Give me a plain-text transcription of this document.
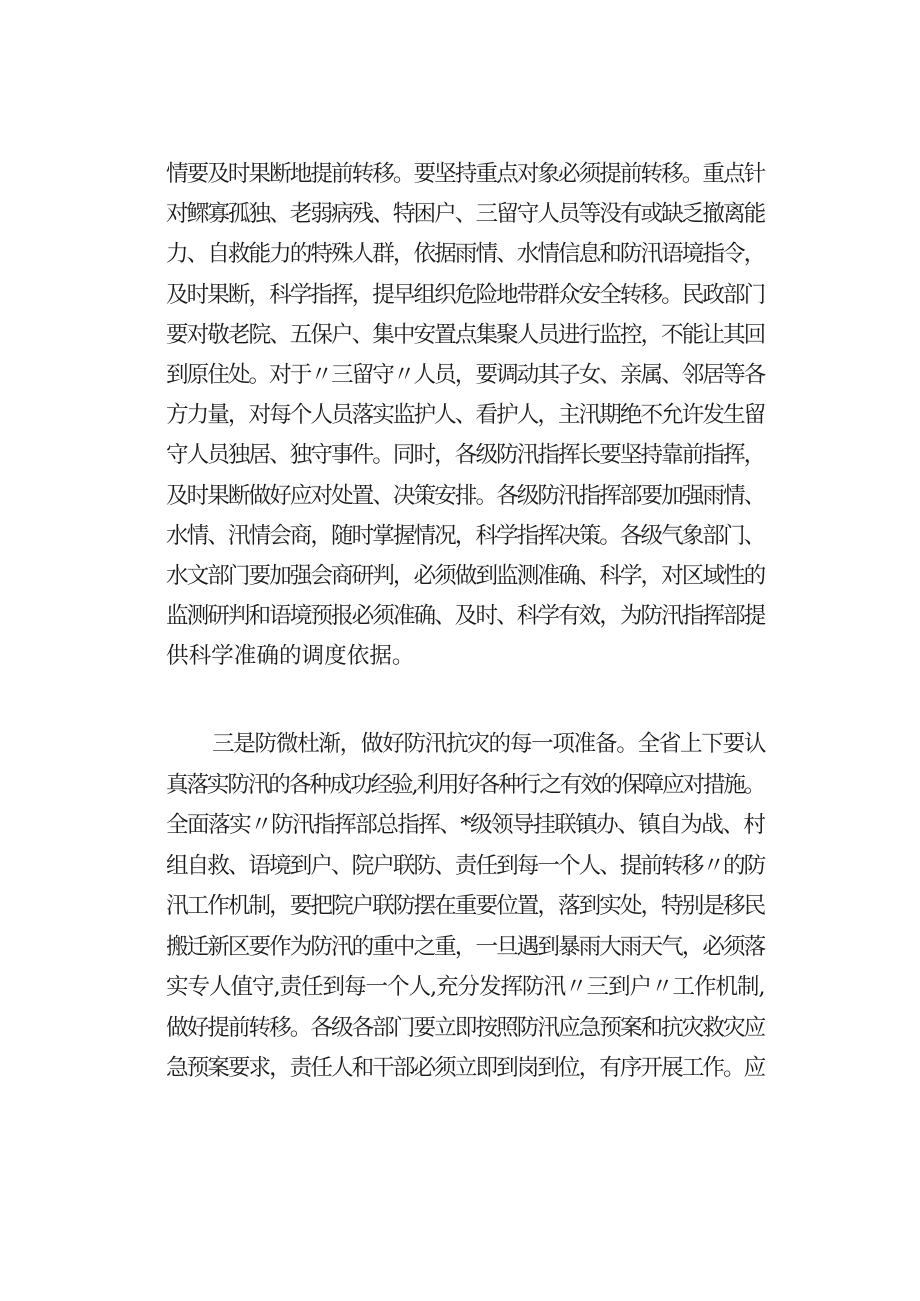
情要及时果断地提前转移。要坚持重点对象必须提前转移。重点针
对鳏寡孤独、老弱病残、特困户、三留守人员等没有或缺乏撤离能
力、自救能力的特殊人群，依据雨情、水情信息和防汛语境指令，
及时果断，科学指挥，提早组织危险地带群众安全转移。民政部门
要对敬老院、五保户、集中安置点集聚人员进行监控，不能让其回
到原住处。对于〃三留守〃人员，要调动其子女、亲属、邻居等各
方力量，对每个人员落实监护人、看护人，主汛期绝不允许发生留
守人员独居、独守事件。同时，各级防汛指挥长要坚持靠前指挥，
及时果断做好应对处置、决策安排。各级防汛指挥部要加强雨情、
水情、汛情会商，随时掌握情况，科学指挥决策。各级气象部门、
水文部门要加强会商研判，必须做到监测准确、科学，对区域性的
监测研判和语境预报必须准确、及时、科学有效，为防汛指挥部提
供科学准确的调度依据。
三是防微杜渐，做好防汛抗灾的每一项准备。全省上下要认
真落实防汛的各种成功经验,利用好各种行之有效的保障应对措施。
全面落实〃防汛指挥部总指挥、*级领导挂联镇办、镇自为战、村
组自救、语境到户、院户联防、责任到每一个人、提前转移〃的防
汛工作机制，要把院户联防摆在重要位置，落到实处，特别是移民
搬迁新区要作为防汛的重中之重，一旦遇到暴雨大雨天气，必须落
实专人值守,责任到每一个人,充分发挥防汛〃三到户〃工作机制,
做好提前转移。各级各部门要立即按照防汛应急预案和抗灾救灾应
急预案要求，责任人和干部必须立即到岗到位，有序开展工作。应
